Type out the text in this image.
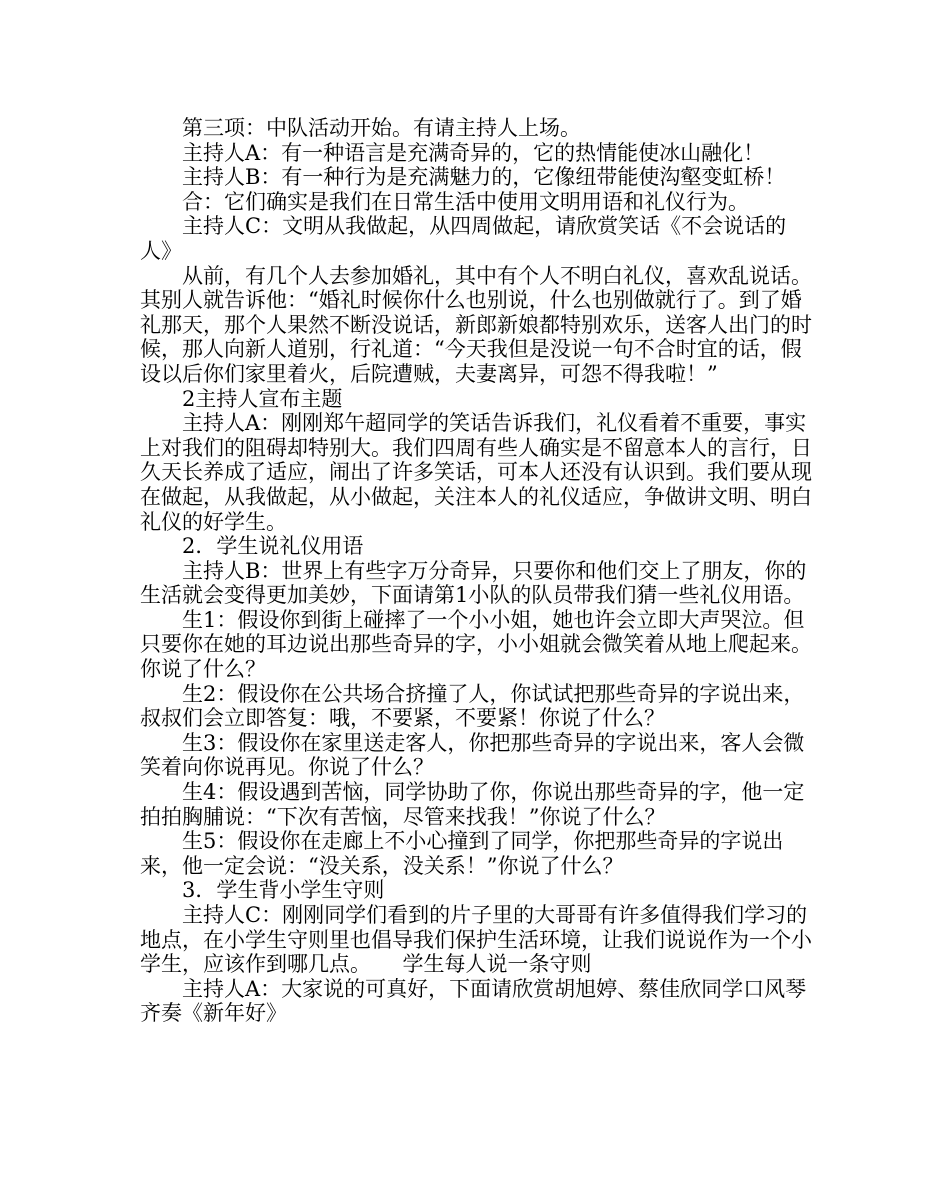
第三项：中队活动开始。有请主持人上场。

主持人A：有一种语言是充满奇异的，它的热情能使冰山融化！

主持人B：有一种行为是充满魅力的，它像纽带能使沟壑变虹桥！

合：它们确实是我们在日常生活中使用文明用语和礼仪行为。

主持人C：文明从我做起，从四周做起，请欣赏笑话《不会说话的人》

从前，有几个人去参加婚礼，其中有个人不明白礼仪，喜欢乱说话。其别人就告诉他：“婚礼时候你什么也别说，什么也别做就行了。到了婚礼那天，那个人果然不断没说话，新郎新娘都特别欢乐，送客人出门的时候，那人向新人道别，行礼道：“今天我但是没说一句不合时宜的话，假设以后你们家里着火，后院遭贼，夫妻离异，可怨不得我啦！”

2主持人宣布主题

主持人A：刚刚郑午超同学的笑话告诉我们，礼仪看着不重要，事实上对我们的阻碍却特别大。我们四周有些人确实是不留意本人的言行，日久天长养成了适应，闹出了许多笑话，可本人还没有认识到。我们要从现在做起，从我做起，从小做起，关注本人的礼仪适应，争做讲文明、明白礼仪的好学生。

2．学生说礼仪用语

主持人B：世界上有些字万分奇异，只要你和他们交上了朋友，你的生活就会变得更加美妙，下面请第1小队的队员带我们猜一些礼仪用语。

生1：假设你到街上碰摔了一个小小姐，她也许会立即大声哭泣。但只要你在她的耳边说出那些奇异的字，小小姐就会微笑着从地上爬起来。你说了什么？

生2：假设你在公共场合挤撞了人，你试试把那些奇异的字说出来，叔叔们会立即答复：哦，不要紧，不要紧！你说了什么？

生3：假设你在家里送走客人，你把那些奇异的字说出来，客人会微笑着向你说再见。你说了什么？

生4：假设遇到苦恼，同学协助了你，你说出那些奇异的字，他一定拍拍胸脯说：“下次有苦恼，尽管来找我！”你说了什么？

生5：假设你在走廊上不小心撞到了同学，你把那些奇异的字说出来，他一定会说：“没关系，没关系！”你说了什么？

3．学生背小学生守则

主持人C：刚刚同学们看到的片子里的大哥哥有许多值得我们学习的地点，在小学生守则里也倡导我们保护生活环境，让我们说说作为一个小学生，应该作到哪几点。　　学生每人说一条守则

主持人A：大家说的可真好，下面请欣赏胡旭婷、蔡佳欣同学口风琴齐奏《新年好》
